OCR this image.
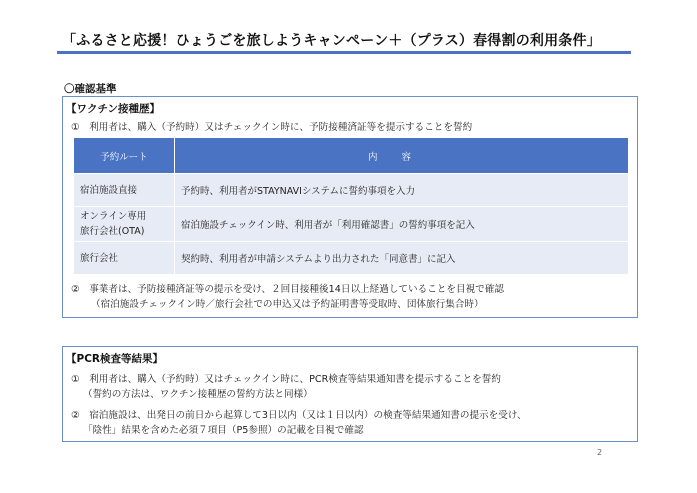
「ふるさと応援！ひょうごを旅しようキャンペーン＋（プラス）春得割の利用条件」
〇確認基準
【ワクチン接種歴】
①　利用者は、購入（予約時）又はチェックイン時に、予防接種済証等を提示することを誓約
予約ルート	内容
宿泊施設直接	予約時、利用者がSTAYNAVIシステムに誓約事項を入力
オンライン専用
旅行会社(OTA)	宿泊施設チェックイン時、利用者が「利用確認書」の誓約事項を記入
旅行会社	契約時、利用者が申請システムより出力された「同意書」に記入
②　事業者は、予防接種済証等の提示を受け、２回目接種後14日以上経過していることを目視で確認
（宿泊施設チェックイン時／旅行会社での申込又は予約証明書等受取時、団体旅行集合時）
【PCR検査等結果】
①　利用者は、購入（予約時）又はチェックイン時に、PCR検査等結果通知書を提示することを誓約
（誓約の方法は、ワクチン接種歴の誓約方法と同様）
②　宿泊施設は、出発日の前日から起算して3日以内（又は１日以内）の検査等結果通知書の提示を受け、
「陰性」結果を含めた必須７項目（P5参照）の記載を目視で確認
2
